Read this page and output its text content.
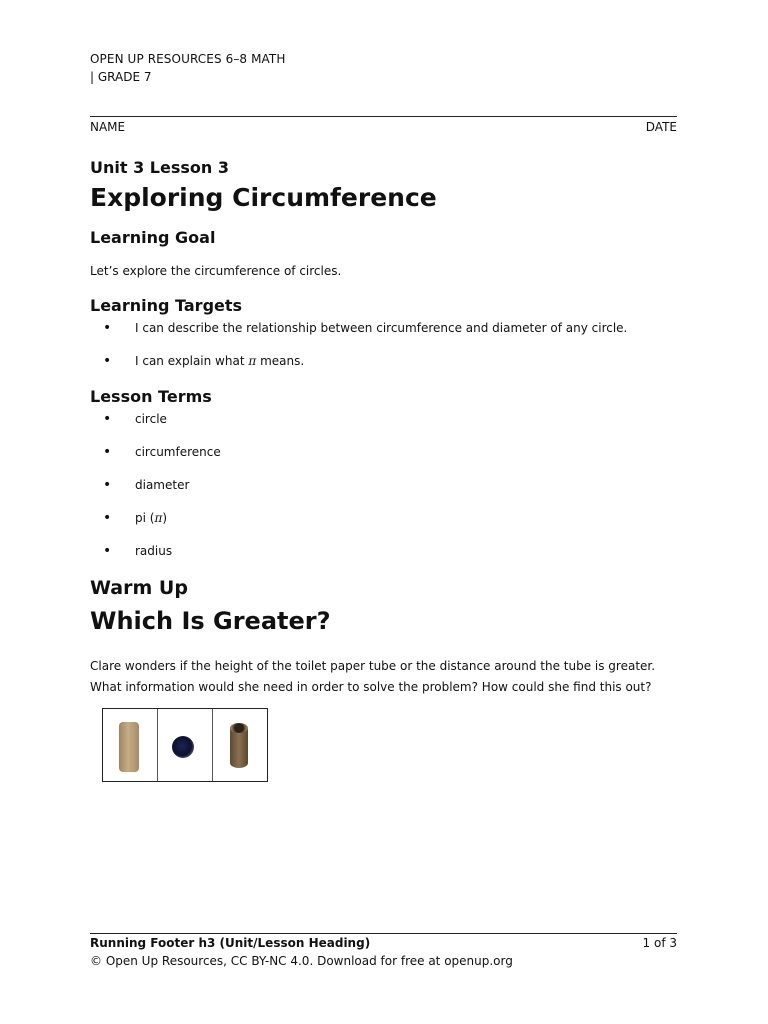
OPEN UP RESOURCES 6–8 MATH
| GRADE 7
NAME	DATE
Unit 3 Lesson 3
Exploring Circumference
Learning Goal
Let’s explore the circumference of circles.
Learning Targets
• I can describe the relationship between circumference and diameter of any circle.
• I can explain what π means.
Lesson Terms
• circle
• circumference
• diameter
• pi (π)
• radius
Warm Up
Which Is Greater?
Clare wonders if the height of the toilet paper tube or the distance around the tube is greater. What information would she need in order to solve the problem? How could she find this out?
Running Footer h3 (Unit/Lesson Heading)	1 of 3
© Open Up Resources, CC BY-NC 4.0. Download for free at openup.org
